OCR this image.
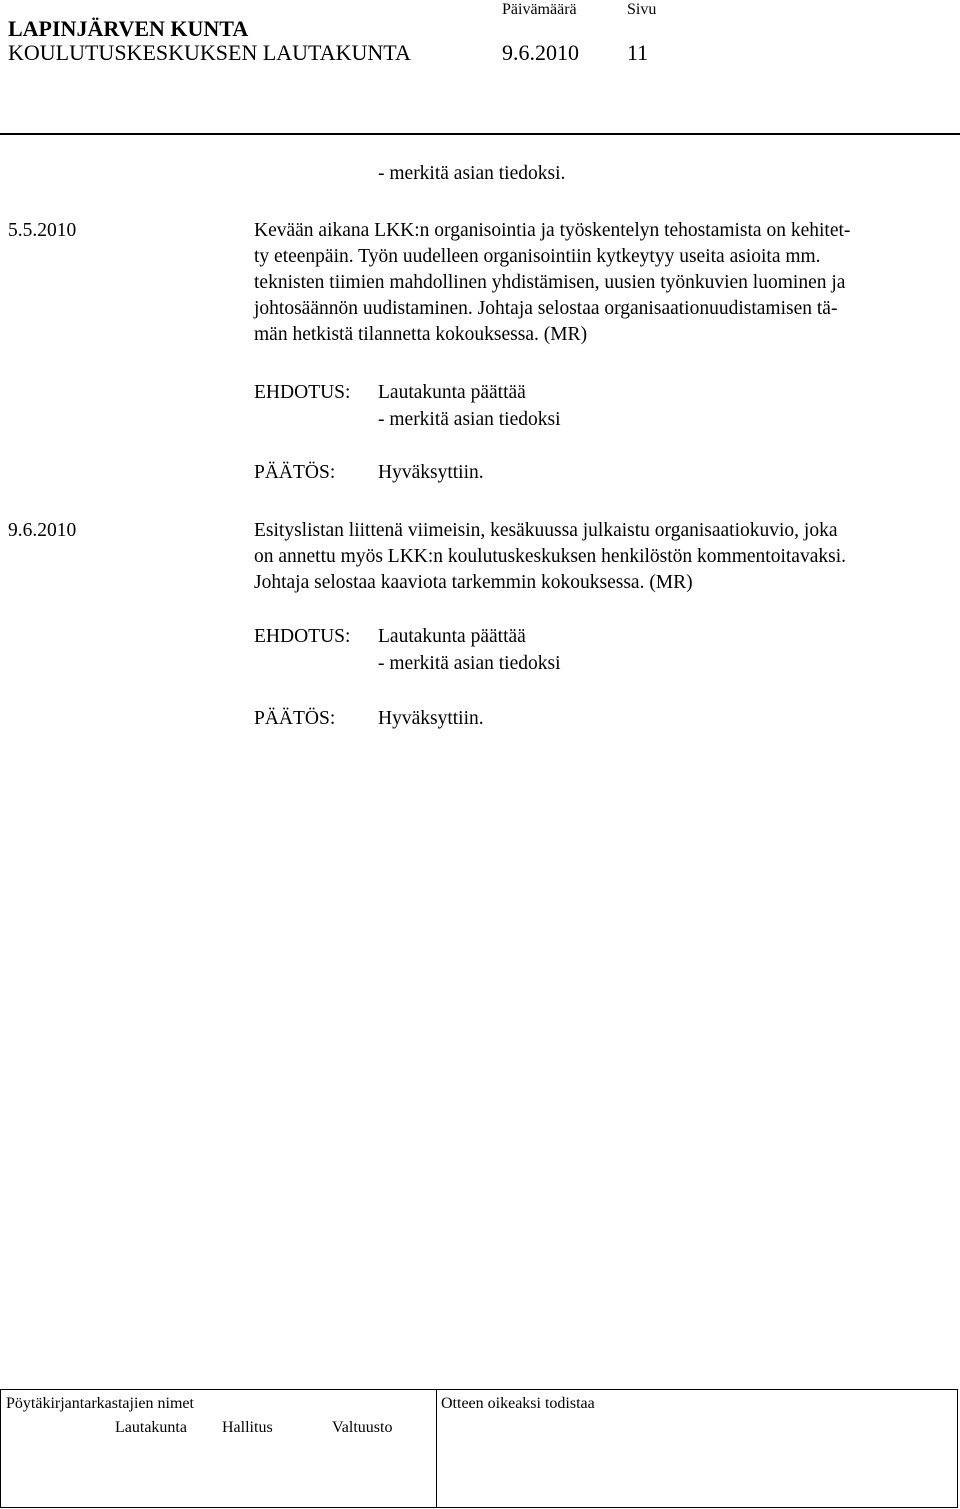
LAPINJÄRVEN KUNTA
KOULUTUSKESKUKSEN LAUTAKUNTA
Päivämäärä	Sivu
9.6.2010 11
- merkitä asian tiedoksi.
5.5.2010	Kevään aikana LKK:n organisointia ja työskentelyn tehostamista on kehitet-
ty eteenpäin. Työn uudelleen organisointiin kytkeytyy useita asioita mm.
teknisten tiimien mahdollinen yhdistämisen, uusien työnkuvien luominen ja
johtosäännön uudistaminen. Johtaja selostaa organisaationuudistamisen tä-
män hetkistä tilannetta kokouksessa. (MR)
EHDOTUS: Lautakunta päättää
- merkitä asian tiedoksi
PÄÄTÖS: Hyväksyttiin.
9.6.2010	Esityslistan liittenä viimeisin, kesäkuussa julkaistu organisaatiokuvio, joka
on annettu myös LKK:n koulutuskeskuksen henkilöstön kommentoitavaksi.
Johtaja selostaa kaaviota tarkemmin kokouksessa. (MR)
EHDOTUS: Lautakunta päättää
- merkitä asian tiedoksi
PÄÄTÖS: Hyväksyttiin.
Pöytäkirjantarkastajien nimet	Otteen oikeaksi todistaa
Lautakunta Hallitus	Valtuusto
